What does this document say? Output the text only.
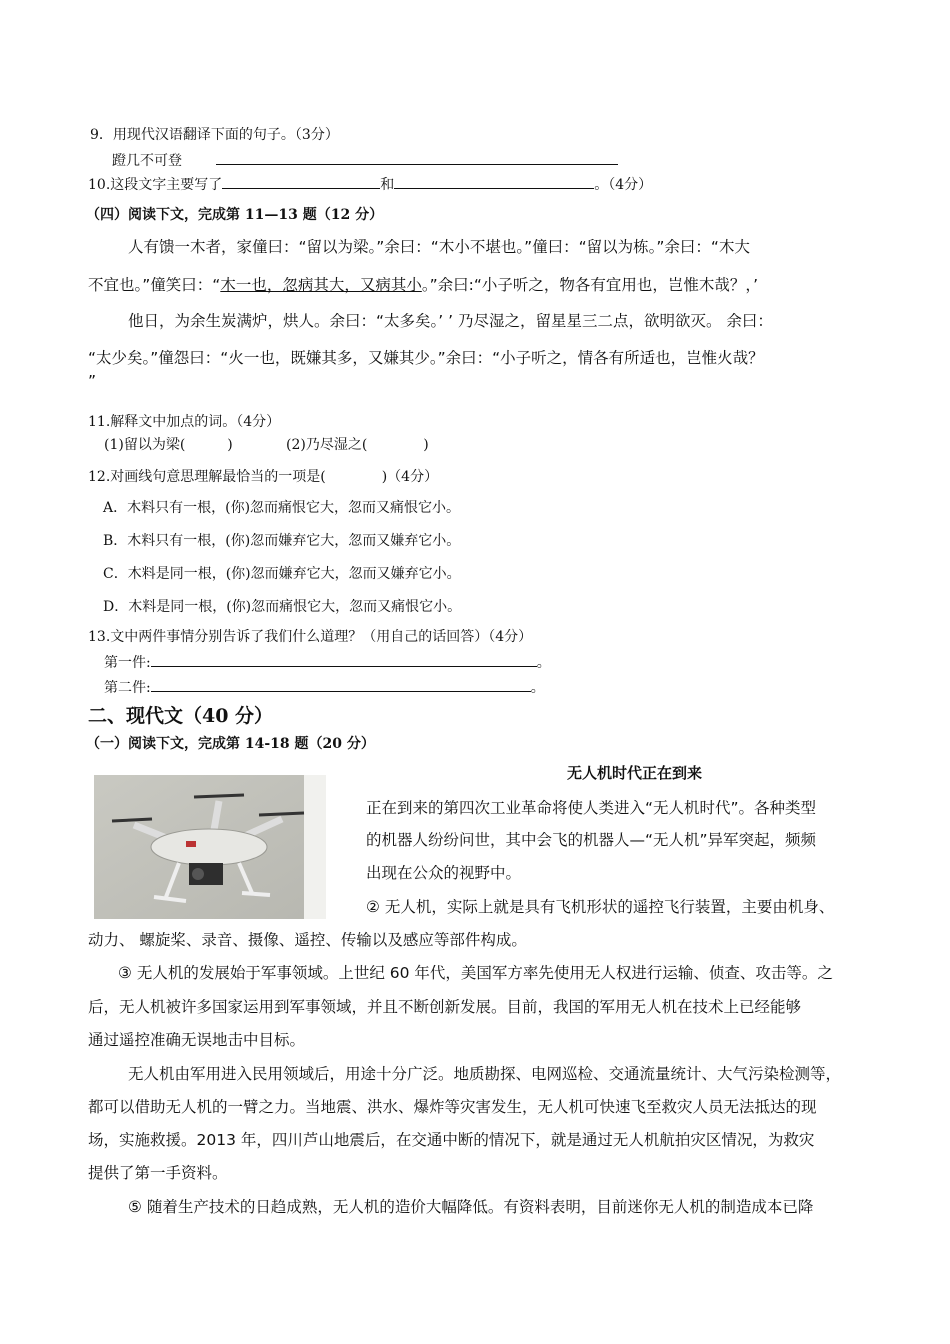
9．用现代汉语翻译下面的句子。（3分）
蹬几不可登
10.这段文字主要写了	和	。（4分）
（四）阅读下文，完成第 11—13 题（12 分）
人有馈一木者，家僮曰：“留以为梁。”余曰：“木小不堪也。”僮曰：“留以为栋。”余曰：“木大
不宜也。”僮笑曰：“木一也，忽病其大，又病其小。”余曰:“小子听之，物各有宜用也，岂惟木哉？，’
他日，为余生炭满炉，烘人。余曰：“太多矣。’ ’ 乃尽湿之，留星星三二点，欲明欲灭。 余曰：
“太少矣。”僮怨曰：“火一也，既嫌其多，又嫌其少。”余曰：“小子听之，情各有所适也，岂惟火哉？
”
11.解释文中加点的词。（4分）
(1)留以为梁(　　　)	(2)乃尽湿之(　　　　)
12.对画线句意思理解最恰当的一项是(　　　　)（4分）
A．木料只有一根，(你)忽而痛恨它大，忽而又痛恨它小。
B．木料只有一根，(你)忽而嫌弃它大，忽而又嫌弃它小。
C．木料是同一根，(你)忽而嫌弃它大，忽而又嫌弃它小。
D．木料是同一根，(你)忽而痛恨它大，忽而又痛恨它小。
13.文中两件事情分别告诉了我们什么道理？（用自己的话回答）（4分）
第一件:	。
第二件:	。
二、现代文（40 分）
（一）阅读下文，完成第 14-18 题（20 分）
无人机时代正在到来
正在到来的第四次工业革命将使人类进入“无人机时代”。各种类型
的机器人纷纷问世，其中会飞的机器人—“无人机”异军突起，频频
出现在公众的视野中。
② 无人机，实际上就是具有飞机形状的遥控飞行装置，主要由机身、
动力、 螺旋桨、录音、摄像、遥控、传输以及感应等部件构成。
③ 无人机的发展始于军事领域。上世纪 60 年代，美国军方率先使用无人权进行运输、侦查、攻击等。之
后，无人机被许多国家运用到军事领域，并且不断创新发展。目前，我国的军用无人机在技术上已经能够
通过遥控准确无误地击中目标。
无人机由军用进入民用领域后，用途十分广泛。地质勘探、电网巡检、交通流量统计、大气污染检测等，
都可以借助无人机的一臂之力。当地震、洪水、爆炸等灾害发生，无人机可快速飞至救灾人员无法抵达的现
场，实施救援。2013 年，四川芦山地震后，在交通中断的情况下，就是通过无人机航拍灾区情况，为救灾
提供了第一手资料。
⑤ 随着生产技术的日趋成熟，无人机的造价大幅降低。有资料表明，目前迷你无人机的制造成本已降
